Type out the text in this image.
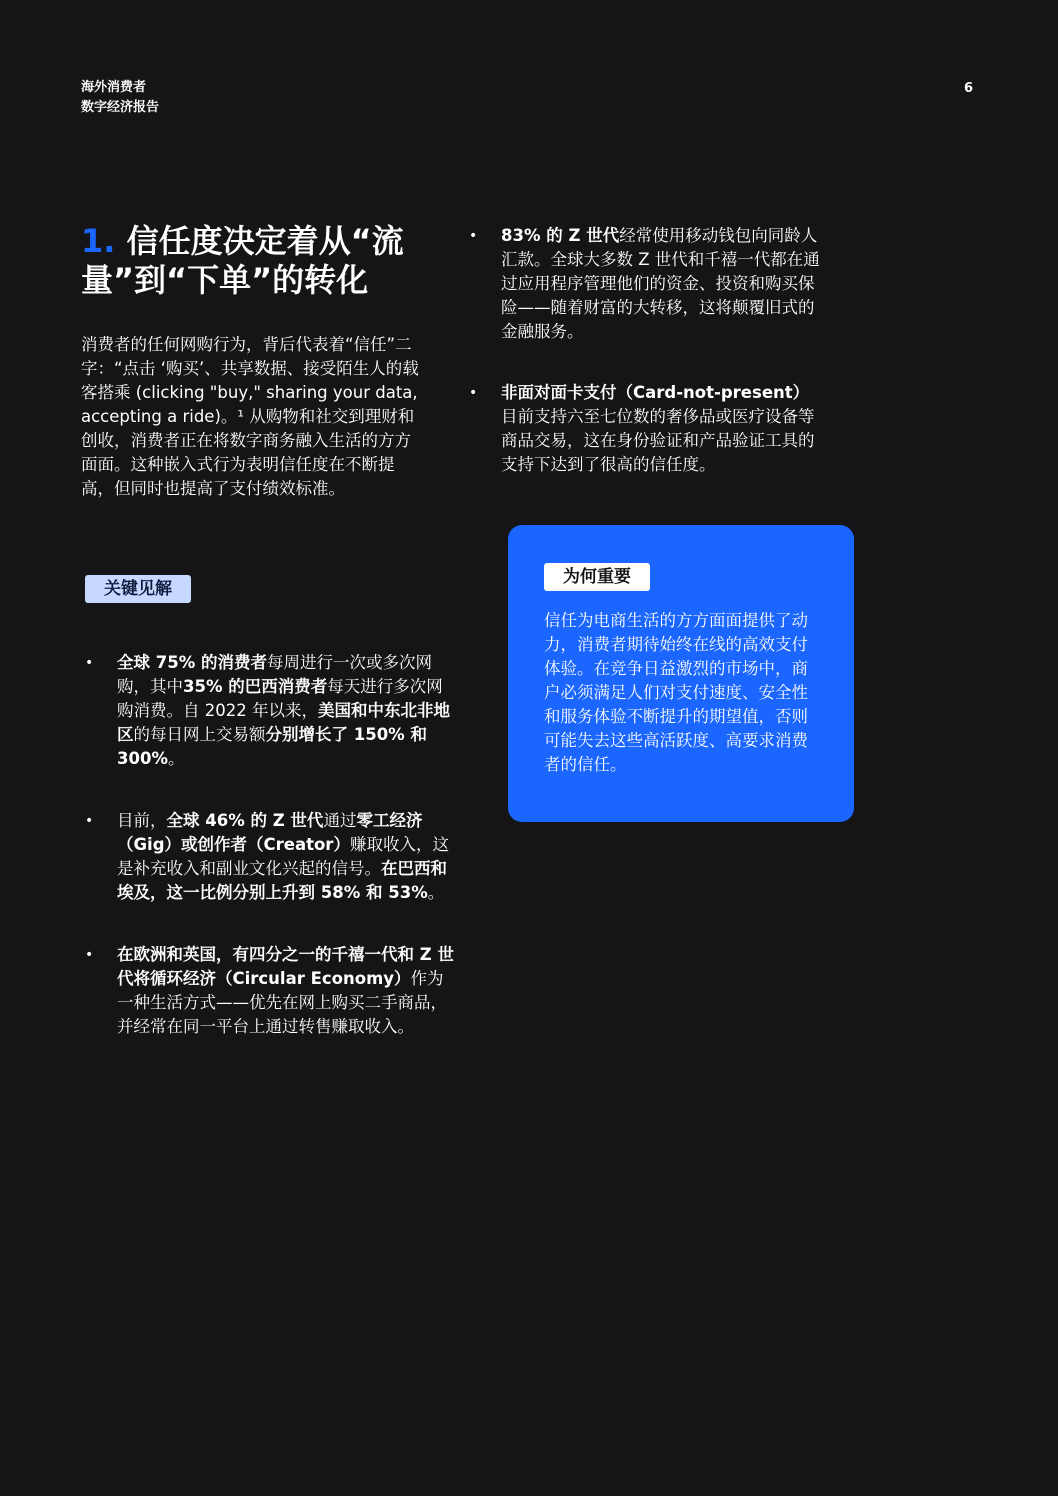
海外消费者
数字经济报告
6
1. 信任度决定着从“流量”到“下单”的转化

消费者的任何网购行为，背后代表着“信任”二字：“点击 ‘购买’、共享数据、接受陌生人的载客搭乘 (clicking "buy," sharing your data, accepting a ride)。¹ 从购物和社交到理财和创收，消费者正在将数字商务融入生活的方方面面。这种嵌入式行为表明信任度在不断提高，但同时也提高了支付绩效标准。

关键见解
• 全球 75% 的消费者每周进行一次或多次网购，其中35% 的巴西消费者每天进行多次网购消费。自 2022 年以来，美国和中东北非地区的每日网上交易额分别增长了 150% 和 300%。
• 目前，全球 46% 的 Z 世代通过零工经济（Gig）或创作者（Creator）赚取收入，这是补充收入和副业文化兴起的信号。在巴西和埃及，这一比例分别上升到 58% 和 53%。
• 在欧洲和英国，有四分之一的千禧一代和 Z 世代将循环经济（Circular Economy）作为一种生活方式——优先在网上购买二手商品，并经常在同一平台上通过转售赚取收入。
• 83% 的 Z 世代经常使用移动钱包向同龄人汇款。全球大多数 Z 世代和千禧一代都在通过应用程序管理他们的资金、投资和购买保险——随着财富的大转移，这将颠覆旧式的金融服务。
• 非面对面卡支付（Card-not-present）
目前支持六至七位数的奢侈品或医疗设备等商品交易，这在身份验证和产品验证工具的支持下达到了很高的信任度。
为何重要

信任为电商生活的方方面面提供了动力，消费者期待始终在线的高效支付体验。在竞争日益激烈的市场中，商户必须满足人们对支付速度、安全性和服务体验不断提升的期望值，否则可能失去这些高活跃度、高要求消费者的信任。
